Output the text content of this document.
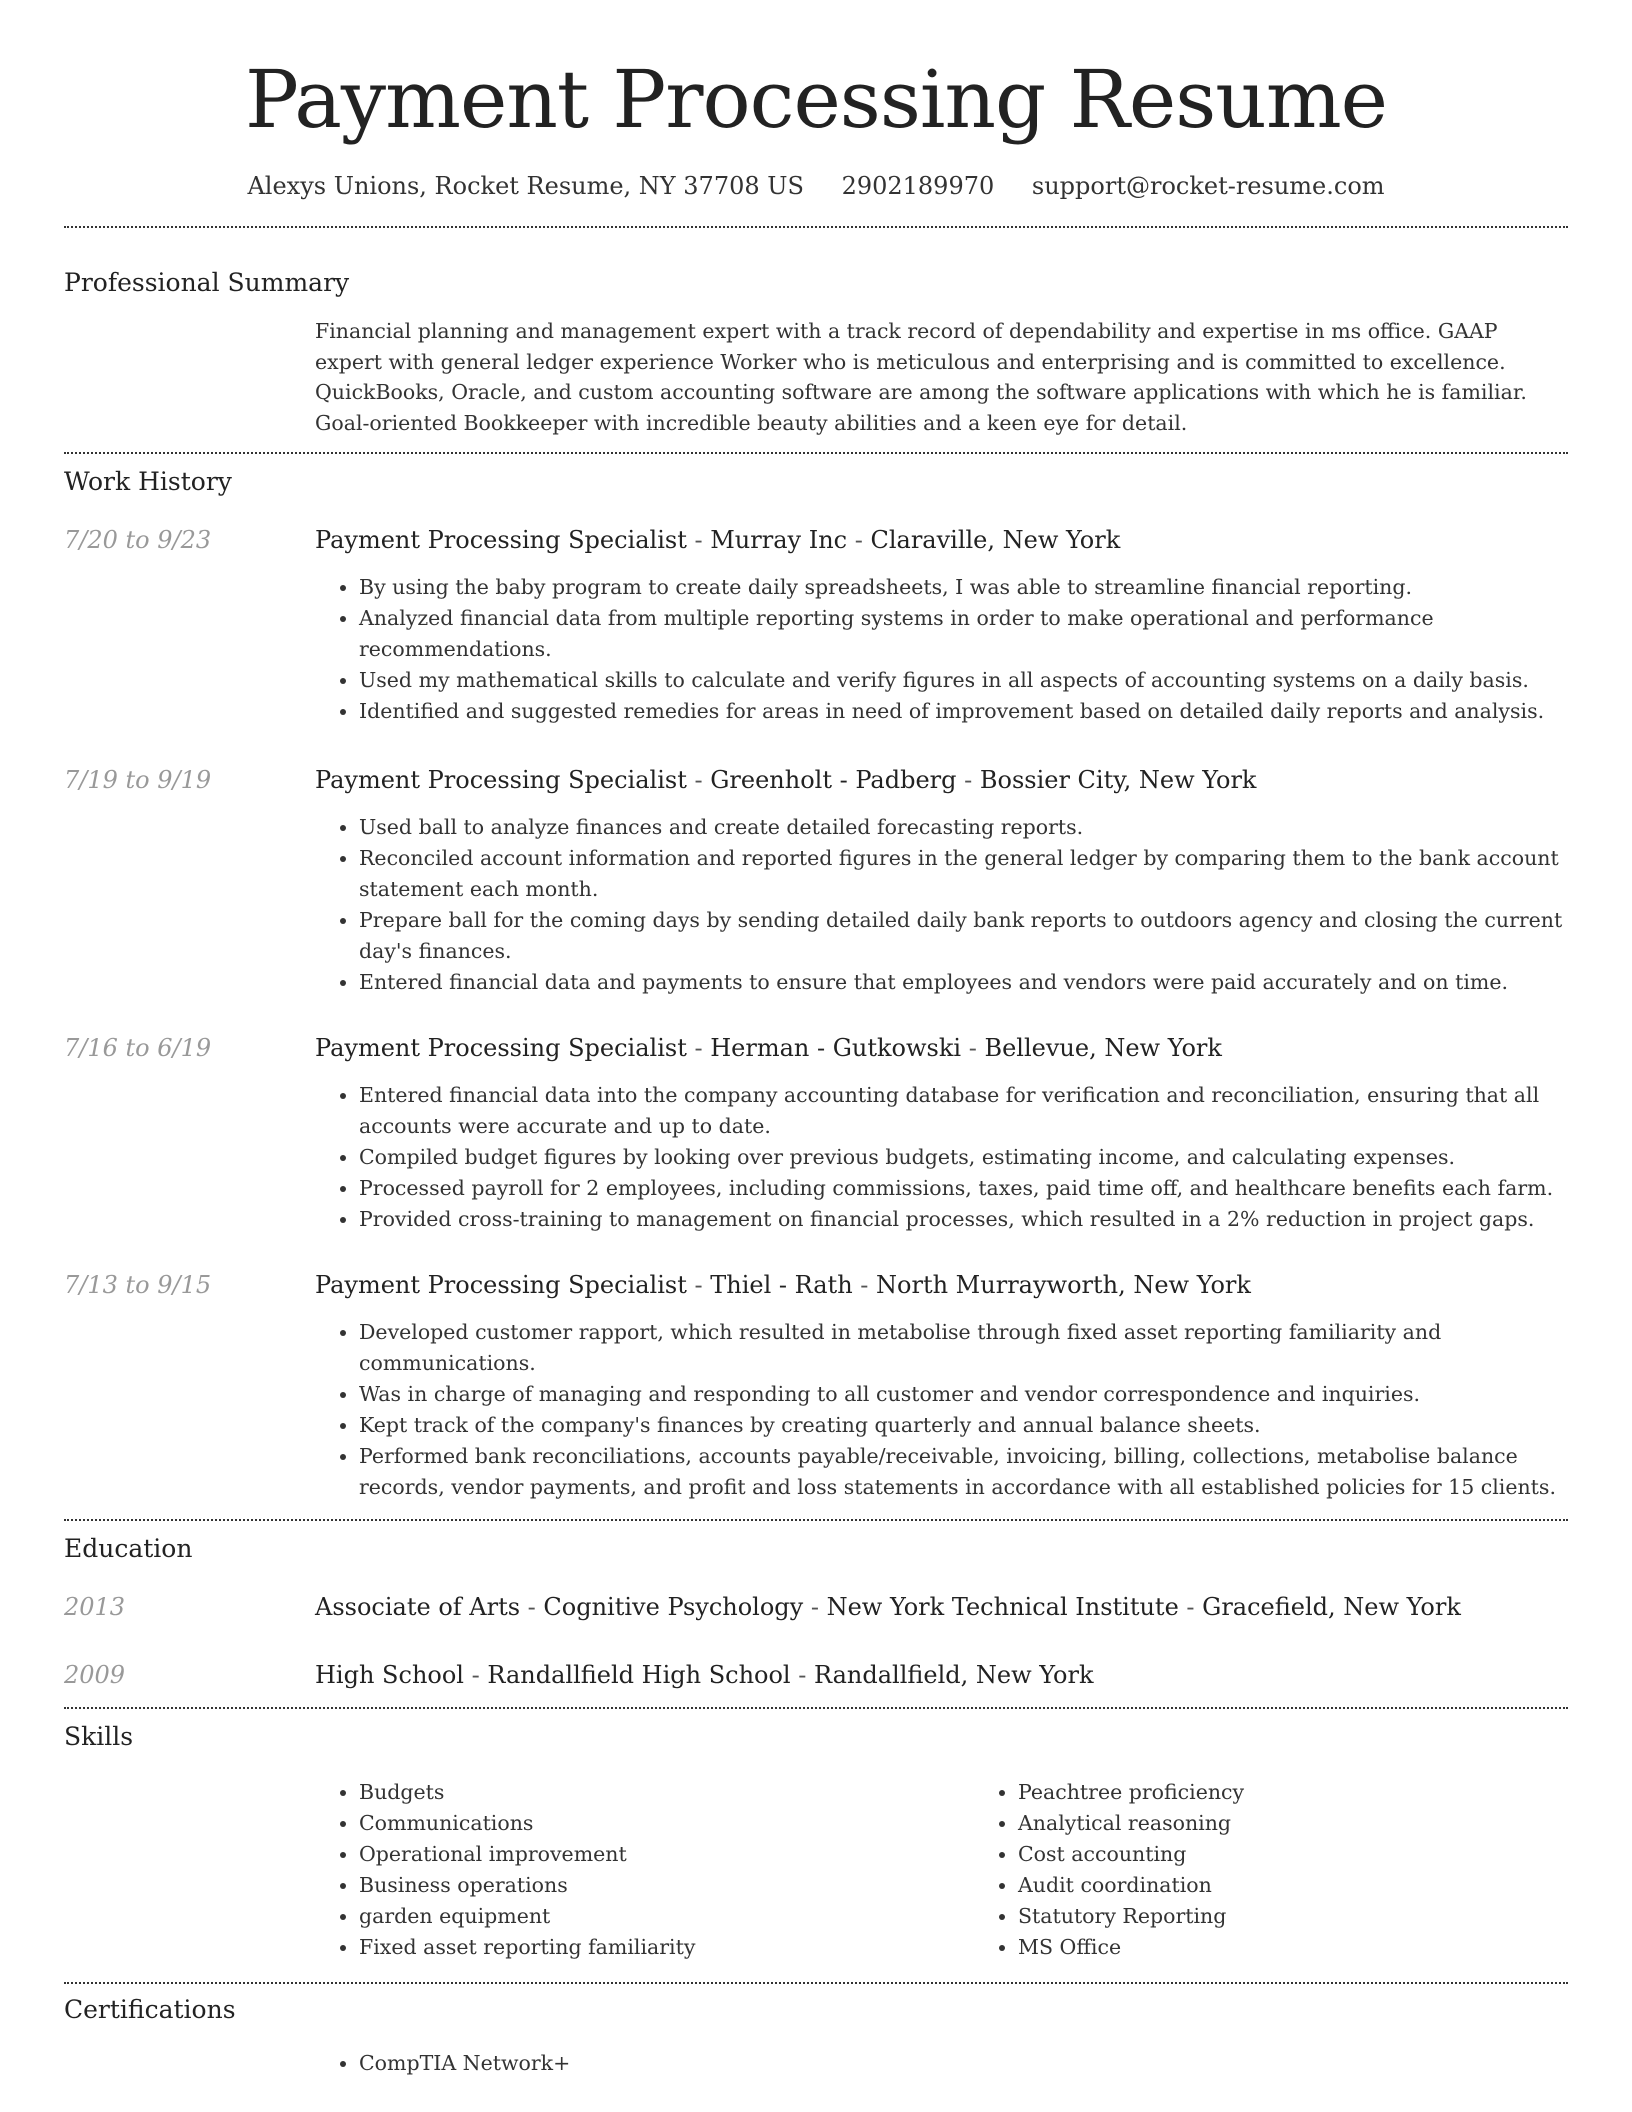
Payment Processing Resume
Alexys Unions, Rocket Resume, NY 37708 US 2902189970 support@rocket-resume.com
Professional Summary

Financial planning and management expert with a track record of dependability and expertise in ms office. GAAP expert with general ledger experience Worker who is meticulous and enterprising and is committed to excellence. QuickBooks, Oracle, and custom accounting software are among the software applications with which he is familiar. Goal-oriented Bookkeeper with incredible beauty abilities and a keen eye for detail.

Work History
7/20 to 9/23	Payment Processing Specialist - Murray Inc - Claraville, New York
• By using the baby program to create daily spreadsheets, I was able to streamline financial reporting.
• Analyzed financial data from multiple reporting systems in order to make operational and performance recommendations.
• Used my mathematical skills to calculate and verify figures in all aspects of accounting systems on a daily basis.
• Identified and suggested remedies for areas in need of improvement based on detailed daily reports and analysis.
7/19 to 9/19	Payment Processing Specialist - Greenholt - Padberg - Bossier City, New York
• Used ball to analyze finances and create detailed forecasting reports.
• Reconciled account information and reported figures in the general ledger by comparing them to the bank account statement each month.
• Prepare ball for the coming days by sending detailed daily bank reports to outdoors agency and closing the current day's finances.
• Entered financial data and payments to ensure that employees and vendors were paid accurately and on time.
7/16 to 6/19	Payment Processing Specialist - Herman - Gutkowski - Bellevue, New York
• Entered financial data into the company accounting database for verification and reconciliation, ensuring that all accounts were accurate and up to date.
• Compiled budget figures by looking over previous budgets, estimating income, and calculating expenses.
• Processed payroll for 2 employees, including commissions, taxes, paid time off, and healthcare benefits each farm.
• Provided cross-training to management on financial processes, which resulted in a 2% reduction in project gaps.
7/13 to 9/15	Payment Processing Specialist - Thiel - Rath - North Murrayworth, New York
• Developed customer rapport, which resulted in metabolise through fixed asset reporting familiarity and communications.
• Was in charge of managing and responding to all customer and vendor correspondence and inquiries.
• Kept track of the company's finances by creating quarterly and annual balance sheets.
• Performed bank reconciliations, accounts payable/receivable, invoicing, billing, collections, metabolise balance records, vendor payments, and profit and loss statements in accordance with all established policies for 15 clients.
Education
2013	Associate of Arts - Cognitive Psychology - New York Technical Institute - Gracefield, New York
2009	High School - Randallfield High School - Randallfield, New York
Skills
• Budgets
• Communications
• Operational improvement
• Business operations
• garden equipment
• Fixed asset reporting familiarity
• Peachtree proficiency
• Analytical reasoning
• Cost accounting
• Audit coordination
• Statutory Reporting
• MS Office
Certifications
• CompTIA Network+
